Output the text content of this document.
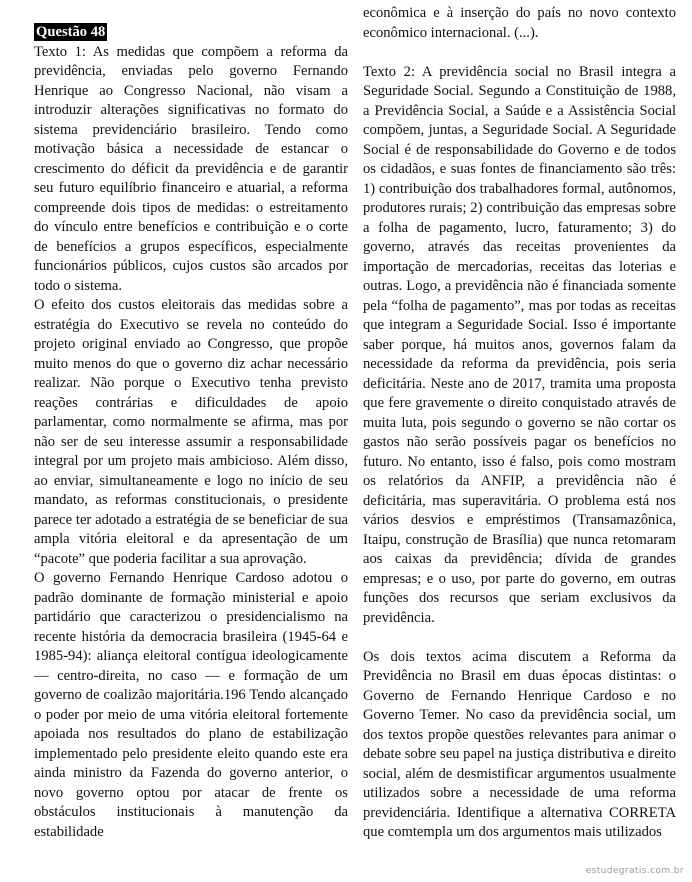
Questão 48

Texto 1: As medidas que compõem a reforma da previdência, enviadas pelo governo Fernando Henrique ao Congresso Nacional, não visam a introduzir alterações significativas no formato do sistema previdenciário brasileiro. Tendo como motivação básica a necessidade de estancar o crescimento do déficit da previdência e de garantir seu futuro equilíbrio financeiro e atuarial, a reforma compreende dois tipos de medidas: o estreitamento do vínculo entre benefícios e contribuição e o corte de benefícios a grupos específicos, especialmente funcionários públicos, cujos custos são arcados por todo o sistema.

O efeito dos custos eleitorais das medidas sobre a estratégia do Executivo se revela no conteúdo do projeto original enviado ao Congresso, que propõe muito menos do que o governo diz achar necessário realizar. Não porque o Executivo tenha previsto reações contrárias e dificuldades de apoio parlamentar, como normalmente se afirma, mas por não ser de seu interesse assumir a responsabilidade integral por um projeto mais ambicioso. Além disso, ao enviar, simultaneamente e logo no início de seu mandato, as reformas constitucionais, o presidente parece ter adotado a estratégia de se beneficiar de sua ampla vitória eleitoral e da apresentação de um “pacote” que poderia facilitar a sua aprovação.

O governo Fernando Henrique Cardoso adotou o padrão dominante de formação ministerial e apoio partidário que caracterizou o presidencialismo na recente história da democracia brasileira (1945-64 e 1985-94): aliança eleitoral contígua ideologicamente — centro-direita, no caso — e formação de um governo de coalizão majoritária.196 Tendo alcançado o poder por meio de uma vitória eleitoral fortemente apoiada nos resultados do plano de estabilização implementado pelo presidente eleito quando este era ainda ministro da Fazenda do governo anterior, o novo governo optou por atacar de frente os obstáculos institucionais à manutenção da estabilidade

econômica e à inserção do país no novo contexto econômico internacional. (...).

Texto 2: A previdência social no Brasil integra a Seguridade Social. Segundo a Constituição de 1988, a Previdência Social, a Saúde e a Assistência Social compõem, juntas, a Seguridade Social. A Seguridade Social é de responsabilidade do Governo e de todos os cidadãos, e suas fontes de financiamento são três: 1) contribuição dos trabalhadores formal, autônomos, produtores rurais; 2) contribuição das empresas sobre a folha de pagamento, lucro, faturamento; 3) do governo, através das receitas provenientes da importação de mercadorias, receitas das loterias e outras. Logo, a previdência não é financiada somente pela “folha de pagamento”, mas por todas as receitas que integram a Seguridade Social. Isso é importante saber porque, há muitos anos, governos falam da necessidade da reforma da previdência, pois seria deficitária. Neste ano de 2017, tramita uma proposta que fere gravemente o direito conquistado através de muita luta, pois segundo o governo se não cortar os gastos não serão possíveis pagar os benefícios no futuro. No entanto, isso é falso, pois como mostram os relatórios da ANFIP, a previdência não é deficitária, mas superavitária. O problema está nos vários desvios e empréstimos (Transamazônica, Itaipu, construção de Brasília) que nunca retomaram aos caixas da previdência; dívida de grandes empresas; e o uso, por parte do governo, em outras funções dos recursos que seriam exclusivos da previdência.

Os dois textos acima discutem a Reforma da Previdência no Brasil em duas épocas distintas: o Governo de Fernando Henrique Cardoso e no Governo Temer. No caso da previdência social, um dos textos propõe questões relevantes para animar o debate sobre seu papel na justiça distributiva e direito social, além de desmistificar argumentos usualmente utilizados sobre a necessidade de uma reforma previdenciária. Identifique a alternativa CORRETA que comtempla um dos argumentos mais utilizados

estudegratis.com.br
